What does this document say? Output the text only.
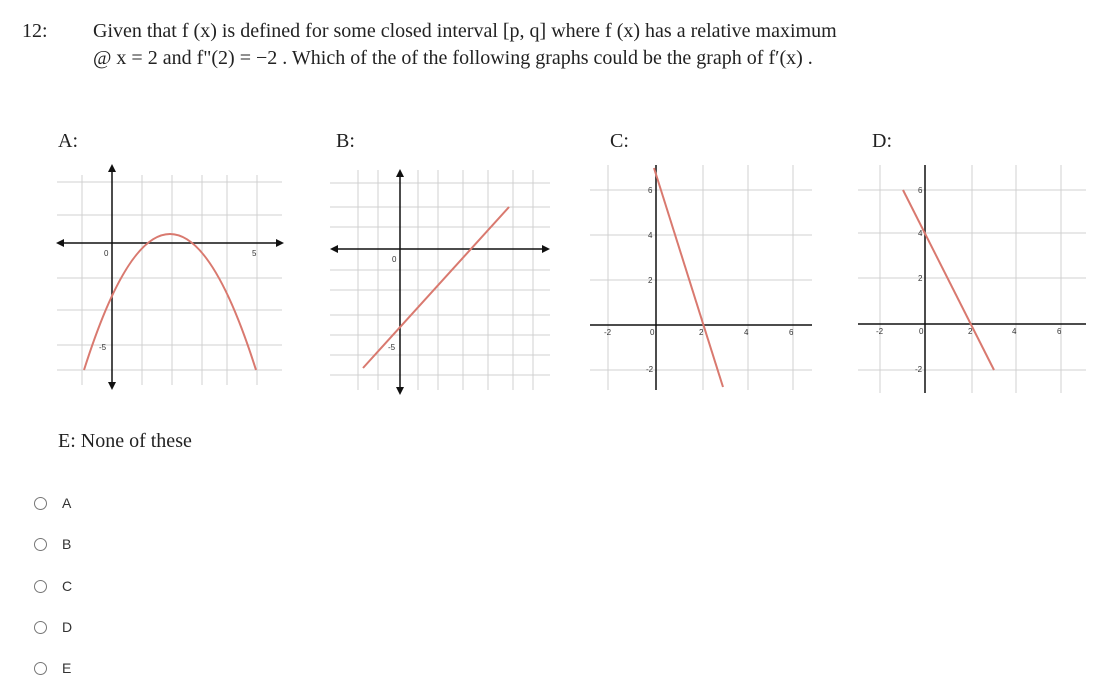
12: Given that f (x) is defined for some closed interval [p, q] where f (x) has a relative maximum
@ x = 2 and f"(2) = −2 . Which of the of the following graphs could be the graph of f′(x) .
A:
0	5
-5
B:
0
-5
C:
6
4
2
-2	0	2	4	6
-2
D:
6
4
2
-2	0	2	4	6
-2
E: None of these
A
B
C
D
E
